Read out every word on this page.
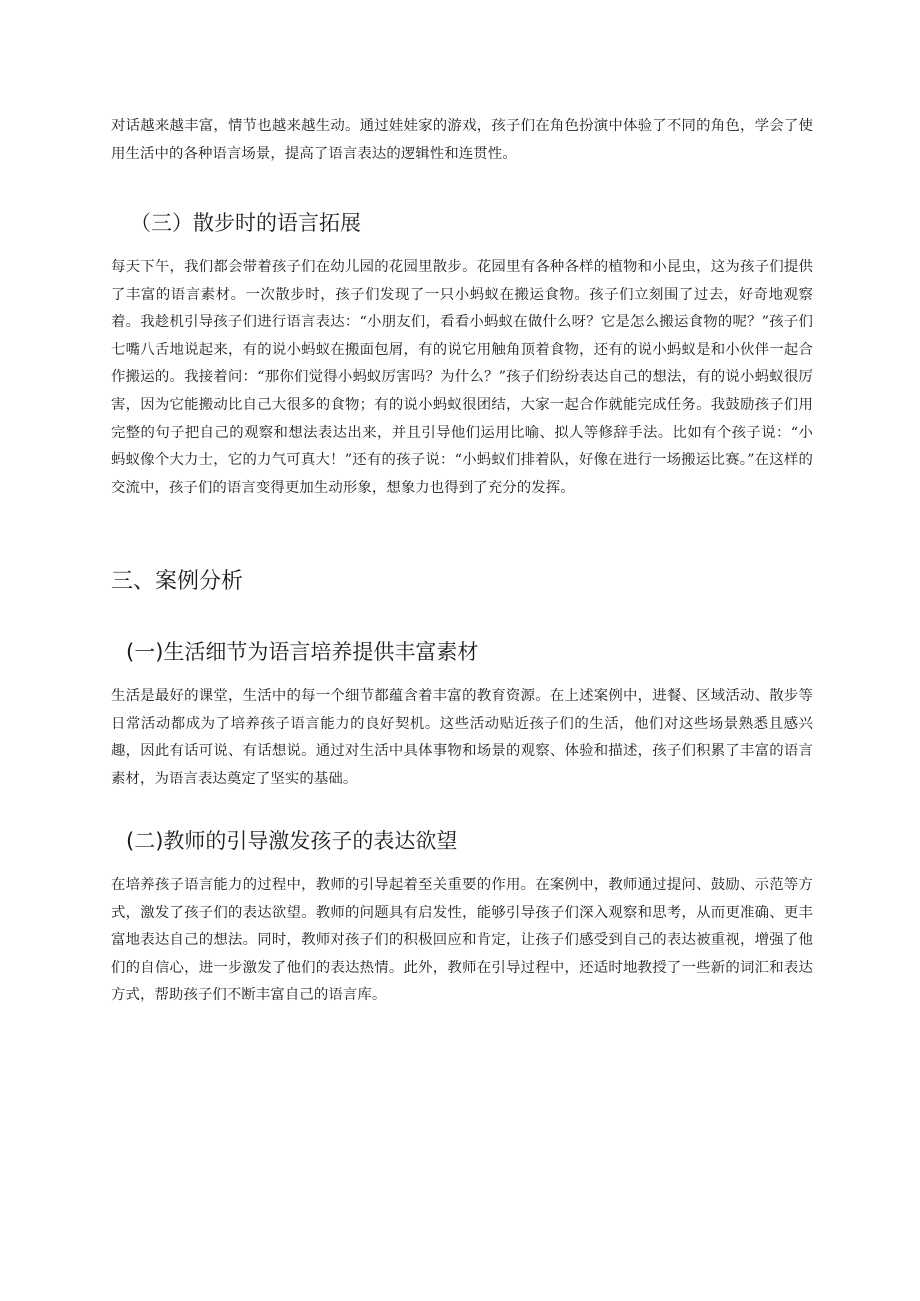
对话越来越丰富，情节也越来越生动。通过娃娃家的游戏，孩子们在角色扮演中体验了不同的角色，学会了使用生活中的各种语言场景，提高了语言表达的逻辑性和连贯性。

（三）散步时的语言拓展

每天下午，我们都会带着孩子们在幼儿园的花园里散步。花园里有各种各样的植物和小昆虫，这为孩子们提供了丰富的语言素材。一次散步时，孩子们发现了一只小蚂蚁在搬运食物。孩子们立刻围了过去，好奇地观察着。我趁机引导孩子们进行语言表达：“小朋友们，看看小蚂蚁在做什么呀？它是怎么搬运食物的呢？”孩子们七嘴八舌地说起来，有的说小蚂蚁在搬面包屑，有的说它用触角顶着食物，还有的说小蚂蚁是和小伙伴一起合作搬运的。我接着问：“那你们觉得小蚂蚁厉害吗？为什么？”孩子们纷纷表达自己的想法，有的说小蚂蚁很厉害，因为它能搬动比自己大很多的食物；有的说小蚂蚁很团结，大家一起合作就能完成任务。我鼓励孩子们用完整的句子把自己的观察和想法表达出来，并且引导他们运用比喻、拟人等修辞手法。比如有个孩子说：“小蚂蚁像个大力士，它的力气可真大！”还有的孩子说：“小蚂蚁们排着队，好像在进行一场搬运比赛。”在这样的交流中，孩子们的语言变得更加生动形象，想象力也得到了充分的发挥。

三、案例分析
(一)生活细节为语言培养提供丰富素材

生活是最好的课堂，生活中的每一个细节都蕴含着丰富的教育资源。在上述案例中，进餐、区域活动、散步等日常活动都成为了培养孩子语言能力的良好契机。这些活动贴近孩子们的生活，他们对这些场景熟悉且感兴趣，因此有话可说、有话想说。通过对生活中具体事物和场景的观察、体验和描述，孩子们积累了丰富的语言素材，为语言表达奠定了坚实的基础。

(二)教师的引导激发孩子的表达欲望

在培养孩子语言能力的过程中，教师的引导起着至关重要的作用。在案例中，教师通过提问、鼓励、示范等方式，激发了孩子们的表达欲望。教师的问题具有启发性，能够引导孩子们深入观察和思考，从而更准确、更丰富地表达自己的想法。同时，教师对孩子们的积极回应和肯定，让孩子们感受到自己的表达被重视，增强了他们的自信心，进一步激发了他们的表达热情。此外，教师在引导过程中，还适时地教授了一些新的词汇和表达方式，帮助孩子们不断丰富自己的语言库。
